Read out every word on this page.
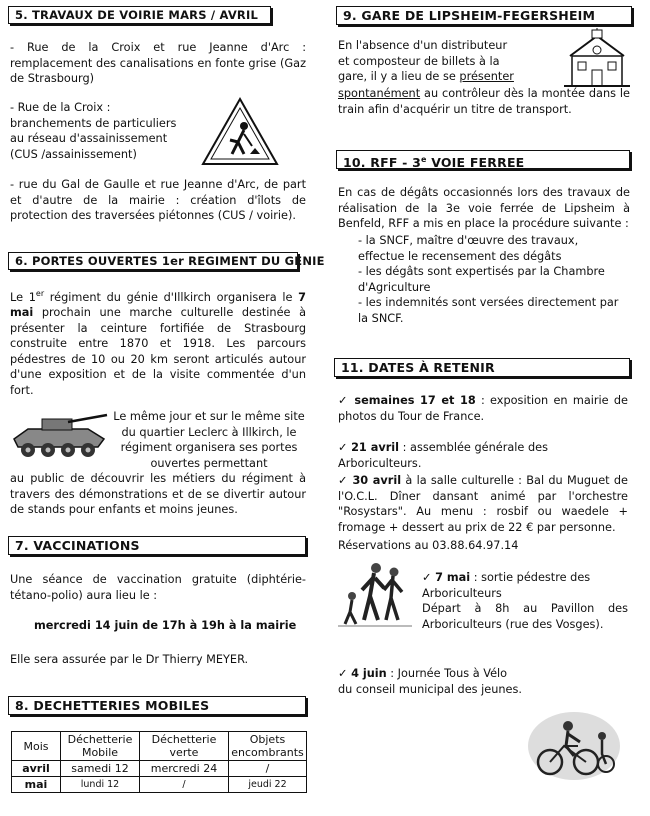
5. TRAVAUX DE VOIRIE MARS / AVRIL
- Rue de la Croix et rue Jeanne d'Arc : remplacement des canalisations en fonte grise (Gaz de Strasbourg)
- Rue de la Croix : branchements de particuliers au réseau d'assainissement (CUS /assainissement)
- rue du Gal de Gaulle et rue Jeanne d'Arc, de part et d'autre de la mairie : création d'îlots de protection des traversées piétonnes (CUS / voirie).
6. PORTES OUVERTES 1er REGIMENT DU GENIE
Le 1er régiment du génie d'Illkirch organisera le 7 mai prochain une marche culturelle destinée à présenter la ceinture fortifiée de Strasbourg construite entre 1870 et 1918. Les parcours pédestres de 10 ou 20 km seront articulés autour d'une exposition et de la visite commentée d'un fort.
Le même jour et sur le même site du quartier Leclerc à Illkirch, le régiment organisera ses portes ouvertes permettant
au public de découvrir les métiers du régiment à travers des démonstrations et de se divertir autour de stands pour enfants et moins jeunes.
7. VACCINATIONS
Une séance de vaccination gratuite (diphtérie-tétano-polio) aura lieu le :
mercredi 14 juin de 17h à 19h à la mairie
Elle sera assurée par le Dr Thierry MEYER.
8. DECHETTERIES MOBILES
Mois	Déchetterie Mobile	Déchetterie verte	Objets encombrants
avril	samedi 12	mercredi 24	/
mai	lundi 12	/	jeudi 22
9. GARE DE LIPSHEIM-FEGERSHEIM
En l'absence d'un distributeur et composteur de billets à la gare, il y a lieu de se présenter
spontanément au contrôleur dès la montée dans le train afin d'acquérir un titre de transport.
10. RFF - 3e VOIE FERREE
En cas de dégâts occasionnés lors des travaux de réalisation de la 3e voie ferrée de Lipsheim à Benfeld, RFF a mis en place la procédure suivante :
- la SNCF, maître d'œuvre des travaux, effectue le recensement des dégâts
- les dégâts sont expertisés par la Chambre d'Agriculture
- les indemnités sont versées directement par la SNCF.
11. DATES À RETENIR
✓ semaines 17 et 18 : exposition en mairie de photos du Tour de France.
✓ 21 avril : assemblée générale des Arboriculteurs.
✓ 30 avril à la salle culturelle : Bal du Muguet de l'O.C.L. Dîner dansant animé par l'orchestre "Rosystars". Au menu : rosbif ou waedele + fromage + dessert au prix de 22 € par personne.
Réservations au 03.88.64.97.14
✓ 7 mai : sortie pédestre des Arboriculteurs
Départ à 8h au Pavillon des Arboriculteurs (rue des Vosges).
✓ 4 juin : Journée Tous à Vélo
du conseil municipal des jeunes.
